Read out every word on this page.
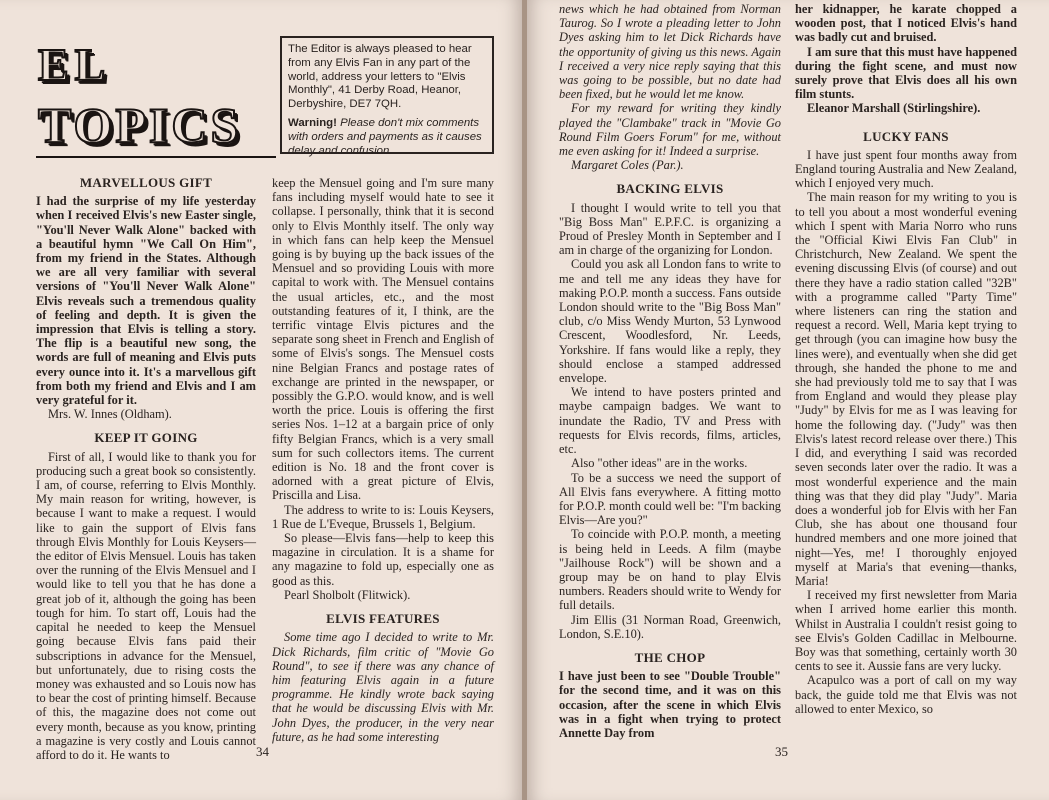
EL
TOPICS
The Editor is always pleased to hear from any Elvis Fan in any part of the world, address your letters to "Elvis Monthly", 41 Derby Road, Heanor, Derbyshire, DE7 7QH.
Warning! Please don't mix comments with orders and payments as it causes delay and confusion.
MARVELLOUS GIFT

I had the surprise of my life yesterday when I received Elvis's new Easter single, "You'll Never Walk Alone" backed with a beautiful hymn "We Call On Him", from my friend in the States. Although we are all very familiar with several versions of "You'll Never Walk Alone" Elvis reveals such a tremendous quality of feeling and depth. It is given the impression that Elvis is telling a story. The flip is a beautiful new song, the words are full of meaning and Elvis puts every ounce into it. It's a marvellous gift from both my friend and Elvis and I am very grateful for it.

Mrs. W. Innes (Oldham).

KEEP IT GOING

First of all, I would like to thank you for producing such a great book so consistently. I am, of course, referring to Elvis Monthly. My main reason for writing, however, is because I want to make a request. I would like to gain the support of Elvis fans through Elvis Monthly for Louis Keysers—the editor of Elvis Mensuel. Louis has taken over the running of the Elvis Mensuel and I would like to tell you that he has done a great job of it, although the going has been tough for him. To start off, Louis had the capital he needed to keep the Mensuel going because Elvis fans paid their subscriptions in advance for the Mensuel, but unfortunately, due to rising costs the money was exhausted and so Louis now has to bear the cost of printing himself. Because of this, the magazine does not come out every month, because as you know, printing a magazine is very costly and Louis cannot afford to do it. He wants to

keep the Mensuel going and I'm sure many fans including myself would hate to see it collapse. I personally, think that it is second only to Elvis Monthly itself. The only way in which fans can help keep the Mensuel going is by buying up the back issues of the Mensuel and so providing Louis with more capital to work with. The Mensuel contains the usual articles, etc., and the most outstanding features of it, I think, are the terrific vintage Elvis pictures and the separate song sheet in French and English of some of Elvis's songs. The Mensuel costs nine Belgian Francs and postage rates of exchange are printed in the newspaper, or possibly the G.P.O. would know, and is well worth the price. Louis is offering the first series Nos. 1–12 at a bargain price of only fifty Belgian Francs, which is a very small sum for such collectors items. The current edition is No. 18 and the front cover is adorned with a great picture of Elvis, Priscilla and Lisa.

The address to write to is: Louis Keysers, 1 Rue de L'Eveque, Brussels 1, Belgium.

So please—Elvis fans—help to keep this magazine in circulation. It is a shame for any magazine to fold up, especially one as good as this.

Pearl Sholbolt (Flitwick).

ELVIS FEATURES

Some time ago I decided to write to Mr. Dick Richards, film critic of "Movie Go Round", to see if there was any chance of him featuring Elvis again in a future programme. He kindly wrote back saying that he would be discussing Elvis with Mr. John Dyes, the producer, in the very near future, as he had some interesting

34

news which he had obtained from Norman Taurog. So I wrote a pleading letter to John Dyes asking him to let Dick Richards have the opportunity of giving us this news. Again I received a very nice reply saying that this was going to be possible, but no date had been fixed, but he would let me know.

For my reward for writing they kindly played the "Clambake" track in "Movie Go Round Film Goers Forum" for me, without me even asking for it! Indeed a surprise.

Margaret Coles (Par.).

BACKING ELVIS

I thought I would write to tell you that "Big Boss Man" E.P.F.C. is organizing a Proud of Presley Month in September and I am in charge of the organizing for London.

Could you ask all London fans to write to me and tell me any ideas they have for making P.O.P. month a success. Fans outside London should write to the "Big Boss Man" club, c/o Miss Wendy Murton, 53 Lynwood Crescent, Woodlesford, Nr. Leeds, Yorkshire. If fans would like a reply, they should enclose a stamped addressed envelope.

We intend to have posters printed and maybe campaign badges. We want to inundate the Radio, TV and Press with requests for Elvis records, films, articles, etc.

Also "other ideas" are in the works.

To be a success we need the support of All Elvis fans everywhere. A fitting motto for P.O.P. month could well be: "I'm backing Elvis—Are you?"

To coincide with P.O.P. month, a meeting is being held in Leeds. A film (maybe "Jailhouse Rock") will be shown and a group may be on hand to play Elvis numbers. Readers should write to Wendy for full details.

Jim Ellis (31 Norman Road, Greenwich, London, S.E.10).

THE CHOP

I have just been to see "Double Trouble" for the second time, and it was on this occasion, after the scene in which Elvis was in a fight when trying to protect Annette Day from

her kidnapper, he karate chopped a wooden post, that I noticed Elvis's hand was badly cut and bruised.

I am sure that this must have happened during the fight scene, and must now surely prove that Elvis does all his own film stunts.

Eleanor Marshall (Stirlingshire).

LUCKY FANS

I have just spent four months away from England touring Australia and New Zealand, which I enjoyed very much.

The main reason for my writing to you is to tell you about a most wonderful evening which I spent with Maria Norro who runs the "Official Kiwi Elvis Fan Club" in Christchurch, New Zealand. We spent the evening discussing Elvis (of course) and out there they have a radio station called "32B" with a programme called "Party Time" where listeners can ring the station and request a record. Well, Maria kept trying to get through (you can imagine how busy the lines were), and eventually when she did get through, she handed the phone to me and she had previously told me to say that I was from England and would they please play "Judy" by Elvis for me as I was leaving for home the following day. ("Judy" was then Elvis's latest record release over there.) This I did, and everything I said was recorded seven seconds later over the radio. It was a most wonderful experience and the main thing was that they did play "Judy". Maria does a wonderful job for Elvis with her Fan Club, she has about one thousand four hundred members and one more joined that night—Yes, me! I thoroughly enjoyed myself at Maria's that evening—thanks, Maria!

I received my first newsletter from Maria when I arrived home earlier this month. Whilst in Australia I couldn't resist going to see Elvis's Golden Cadillac in Melbourne. Boy was that something, certainly worth 30 cents to see it. Aussie fans are very lucky.

Acapulco was a port of call on my way back, the guide told me that Elvis was not allowed to enter Mexico, so

35
